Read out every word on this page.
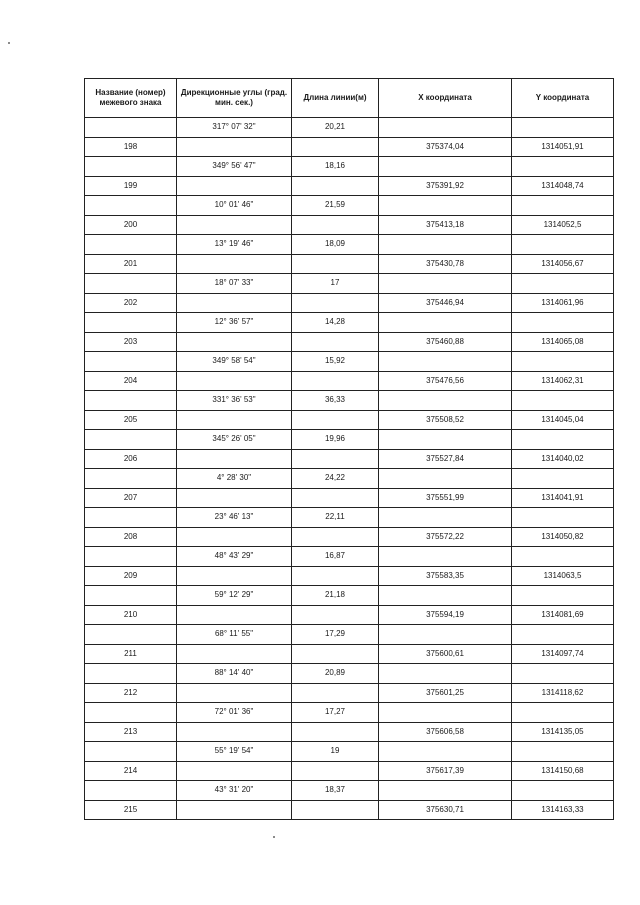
Название (номер) межевого знака	Дирекционные углы (град. мин. сек.)	Длина линии(м)	X координата	Y координата
	317° 07' 32"	20,21		
198			375374,04	1314051,91
	349° 56' 47"	18,16		
199			375391,92	1314048,74
	10° 01' 46"	21,59		
200			375413,18	1314052,5
	13° 19' 46"	18,09		
201			375430,78	1314056,67
	18° 07' 33"	17		
202			375446,94	1314061,96
	12° 36' 57"	14,28		
203			375460,88	1314065,08
	349° 58' 54"	15,92		
204			375476,56	1314062,31
	331° 36' 53"	36,33		
205			375508,52	1314045,04
	345° 26' 05"	19,96		
206			375527,84	1314040,02
	4° 28' 30"	24,22		
207			375551,99	1314041,91
	23° 46' 13"	22,11		
208			375572,22	1314050,82
	48° 43' 29"	16,87		
209			375583,35	1314063,5
	59° 12' 29"	21,18		
210			375594,19	1314081,69
	68° 11' 55"	17,29		
211			375600,61	1314097,74
	88° 14' 40"	20,89		
212			375601,25	1314118,62
	72° 01' 36"	17,27		
213			375606,58	1314135,05
	55° 19' 54"	19		
214			375617,39	1314150,68
	43° 31' 20"	18,37		
215			375630,71	1314163,33
